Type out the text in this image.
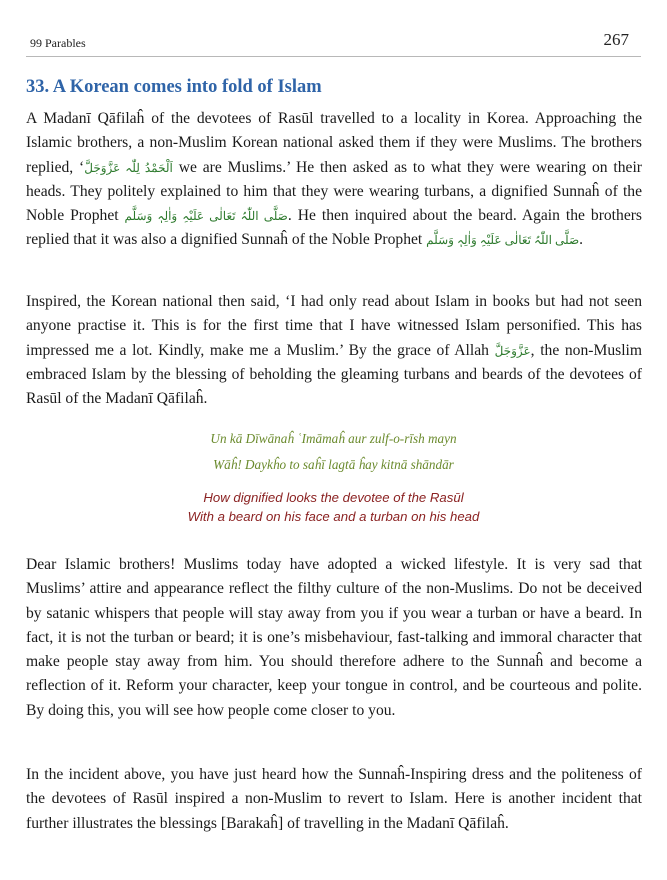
99 Parables	267
33. A Korean comes into fold of Islam

A Madanī Qāfilaĥ of the devotees of Rasūl travelled to a locality in Korea. Approaching the Islamic brothers, a non-Muslim Korean national asked them if they were Muslims. The brothers replied, ‘اَلْحَمْدُ لِلّٰہ عَزَّوَجَلَّ we are Muslims.’ He then asked as to what they were wearing on their heads. They politely explained to him that they were wearing turbans, a dignified Sunnaĥ of the Noble Prophet صَلَّی اللّٰہُ تَعَالٰی عَلَیْہِ وَاٰلِہٖ وَسَلَّم. He then inquired about the beard. Again the brothers replied that it was also a dignified Sunnaĥ of the Noble Prophet صَلَّی اللّٰہُ تَعَالٰی عَلَیْہِ وَاٰلِہٖ وَسَلَّم.

Inspired, the Korean national then said, ‘I had only read about Islam in books but had not seen anyone practise it. This is for the first time that I have witnessed Islam personified. This has impressed me a lot. Kindly, make me a Muslim.’ By the grace of Allah عَزَّوَجَلَّ, the non-Muslim embraced Islam by the blessing of beholding the gleaming turbans and beards of the devotees of Rasūl of the Madanī Qāfilaĥ.

Un kā Dīwānaĥ ʿImāmaĥ aur zulf-o-rīsh mayn
Wāĥ! Daykĥo to saĥī lagtā ĥay kitnā shāndār
How dignified looks the devotee of the Rasūl
With a beard on his face and a turban on his head

Dear Islamic brothers! Muslims today have adopted a wicked lifestyle. It is very sad that Muslims’ attire and appearance reflect the filthy culture of the non-Muslims. Do not be deceived by satanic whispers that people will stay away from you if you wear a turban or have a beard. In fact, it is not the turban or beard; it is one’s misbehaviour, fast-talking and immoral character that make people stay away from him. You should therefore adhere to the Sunnaĥ and become a reflection of it. Reform your character, keep your tongue in control, and be courteous and polite. By doing this, you will see how people come closer to you.

In the incident above, you have just heard how the Sunnaĥ-Inspiring dress and the politeness of the devotees of Rasūl inspired a non-Muslim to revert to Islam. Here is another incident that further illustrates the blessings [Barakaĥ] of travelling in the Madanī Qāfilaĥ.
